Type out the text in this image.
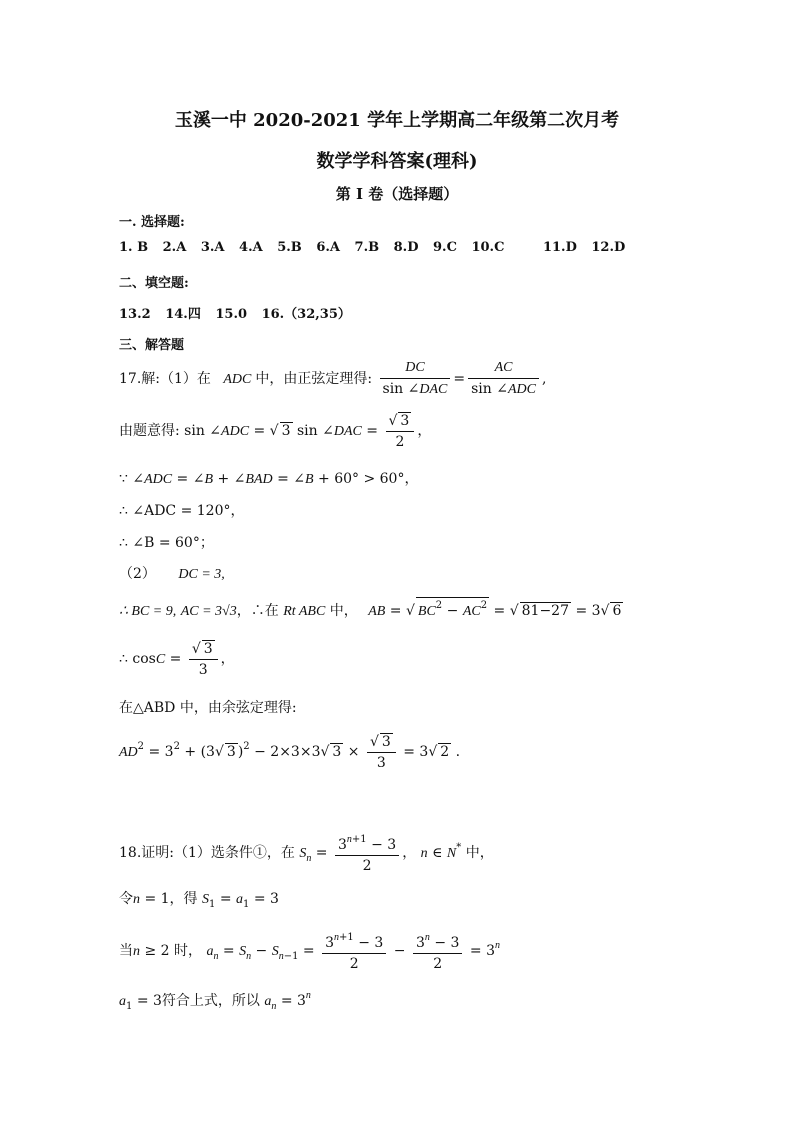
玉溪一中 2020-2021 学年上学期高二年级第二次月考
数学学科答案(理科)
第 I 卷（选择题）
一. 选择题:
1. B 2.A 3.A 4.A 5.B 6.A 7.B 8.D 9.C 10.C	11.D 12.D
二、填空题:
13.2 14.四 15.0 16.（32,35）
三、解答题
17.解:（1）在 ADC 中，由正弦定理得: $\frac{DC}{\text{sin ∠DAC}} = \frac{AC}{\text{sin ∠ADC}}$ ,
由题意得: sin ∠ADC = √ 3 sin ∠DAC = $\frac{√ 3}{2}$ ，
∵ ∠ADC = ∠B + ∠BAD = ∠B + 60° > 60°，
∴ ∠ADC = 120°，
∴ ∠B = 60°；
（2） DC = 3,
∴ BC = 9, AC = 3√3，∴在 Rt ABC 中， AB = √ $BC^2 - AC^2$ = √ 81−27 = 3√ 6
∴ $\cos C = \frac{√ 3}{3}$ ，
在△ABD 中，由余弦定理得:
$AD^2 = 3^2 + (3√$ 3 )$^2$ − 2×3×3√ $3 \times \frac{√ 3}{3} = 3√$ 2 .
18.证明:（1）选条件①，在 $S_n = \frac{3^{n+1} - 3}{2}$ ， n ∈ N* 中，
令n = 1，得 $S_1 = a_1 = 3$
当n ≥ 2 时， $a_n = S_n - S_{n-1} = \frac{3^{n+1} - 3}{2} - \frac{3^n - 3}{2} = 3^n$
$a_1 = 3$符合上式，所以 $a_n = 3^n$
